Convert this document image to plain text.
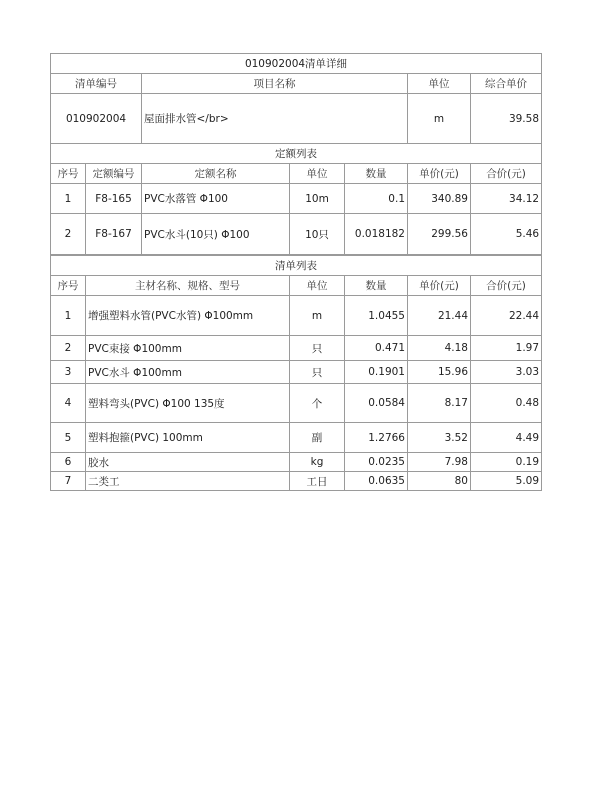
010902004清单详细			
清单编号	项目名称	单位	综合单价
010902004	屋面排水管</br>	m	39.58
定额列表						
序号	定额编号	定额名称	单位	数量	单价(元)	合价(元)
1	F8-165	PVC水落管 Φ100	10m	0.1	340.89	34.12
2	F8-167	PVC水斗(10只) Φ100	10只	0.018182	299.56	5.46
清单列表					
序号	主材名称、规格、型号	单位	数量	单价(元)	合价(元)
1	增强塑料水管(PVC水管) Φ100mm	m	1.0455	21.44	22.44
2	PVC束接 Φ100mm	只	0.471	4.18	1.97
3	PVC水斗 Φ100mm	只	0.1901	15.96	3.03
4	塑料弯头(PVC) Φ100 135度	个	0.0584	8.17	0.48
5	塑料抱箍(PVC) 100mm	副	1.2766	3.52	4.49
6	胶水	kg	0.0235	7.98	0.19
7	二类工	工日	0.0635	80	5.09
